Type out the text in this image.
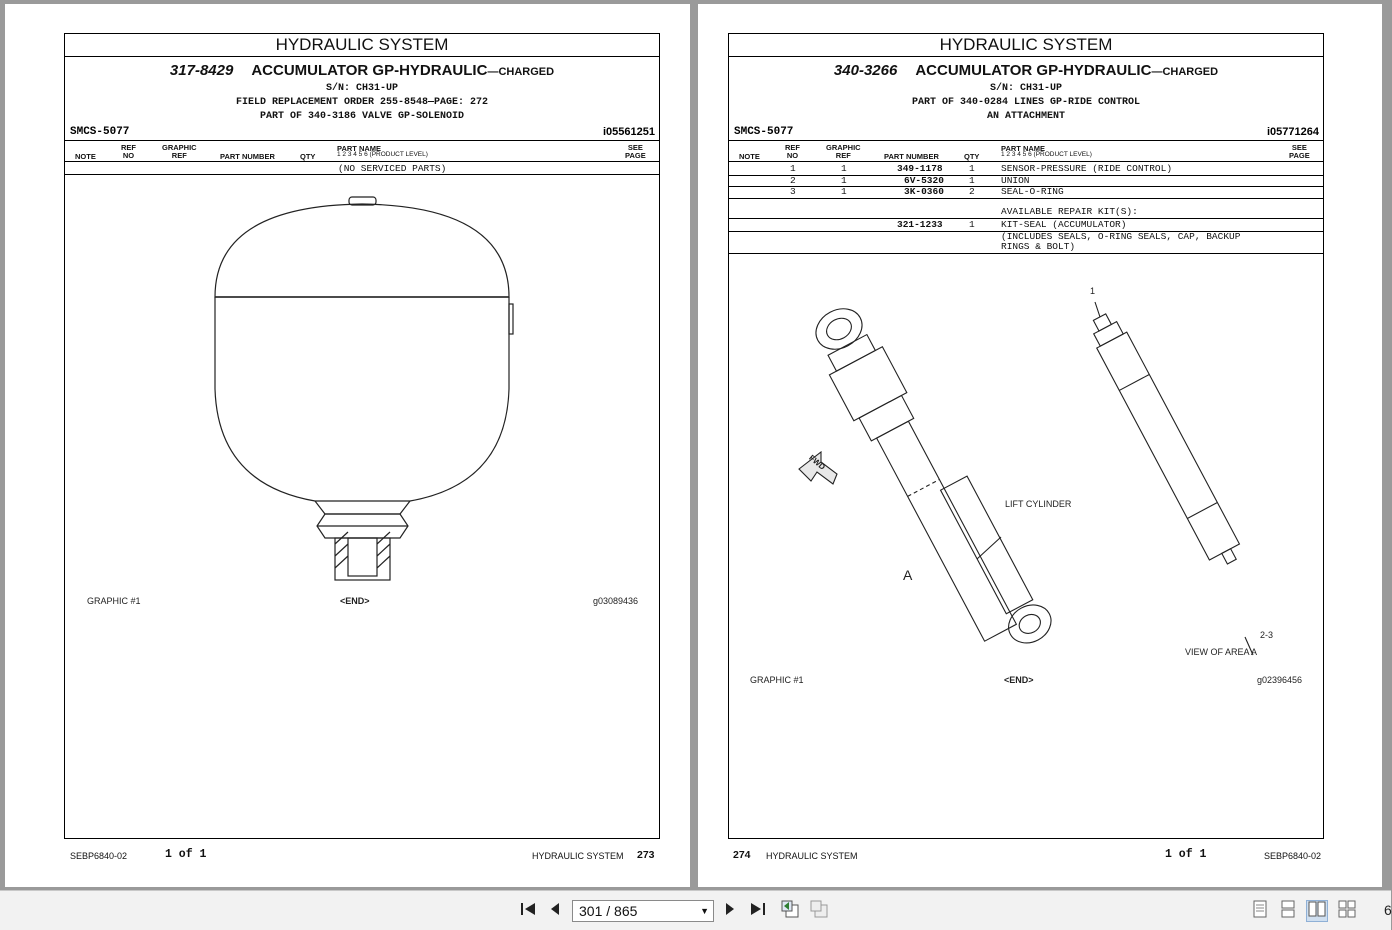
HYDRAULIC SYSTEM
317-8429 ACCUMULATOR GP-HYDRAULIC—CHARGED
S/N: CH31-UP
FIELD REPLACEMENT ORDER 255-8548—PAGE: 272
PART OF 340-3186 VALVE GP-SOLENOID
SMCS-5077	i05561251
NOTE
REF
NO
GRAPHIC
REF	PART NUMBER	QTY
PART NAME
1 2 3 4 5 6 (PRODUCT LEVEL)
SEE
PAGE
(NO SERVICED PARTS)
GRAPHIC #1	<END>	g03089436
SEBP6840-02	1 of 1	HYDRAULIC SYSTEM 273
HYDRAULIC SYSTEM
340-3266 ACCUMULATOR GP-HYDRAULIC—CHARGED
S/N: CH31-UP
PART OF 340-0284 LINES GP-RIDE CONTROL
AN ATTACHMENT
SMCS-5077	i05771264
NOTE
REF
NO
GRAPHIC
REF	PART NUMBER	QTY
PART NAME
1 2 3 4 5 6 (PRODUCT LEVEL)
SEE
PAGE
1	1	349-1178	1	SENSOR-PRESSURE (RIDE CONTROL)
2	1	6V-5320	1	UNION
3	1	3K-0360	2	SEAL-O-RING
AVAILABLE REPAIR KIT(S):
321-1233	1	KIT-SEAL (ACCUMULATOR)
(INCLUDES SEALS, O-RING SEALS, CAP, BACKUP
RINGS & BOLT)
LIFT CYLINDER
FWD
A
1
2-3
VIEW OF AREA A
GRAPHIC #1	<END>	g02396456
274 HYDRAULIC SYSTEM	1 of 1	SEBP6840-02
301 / 865	▼	6
